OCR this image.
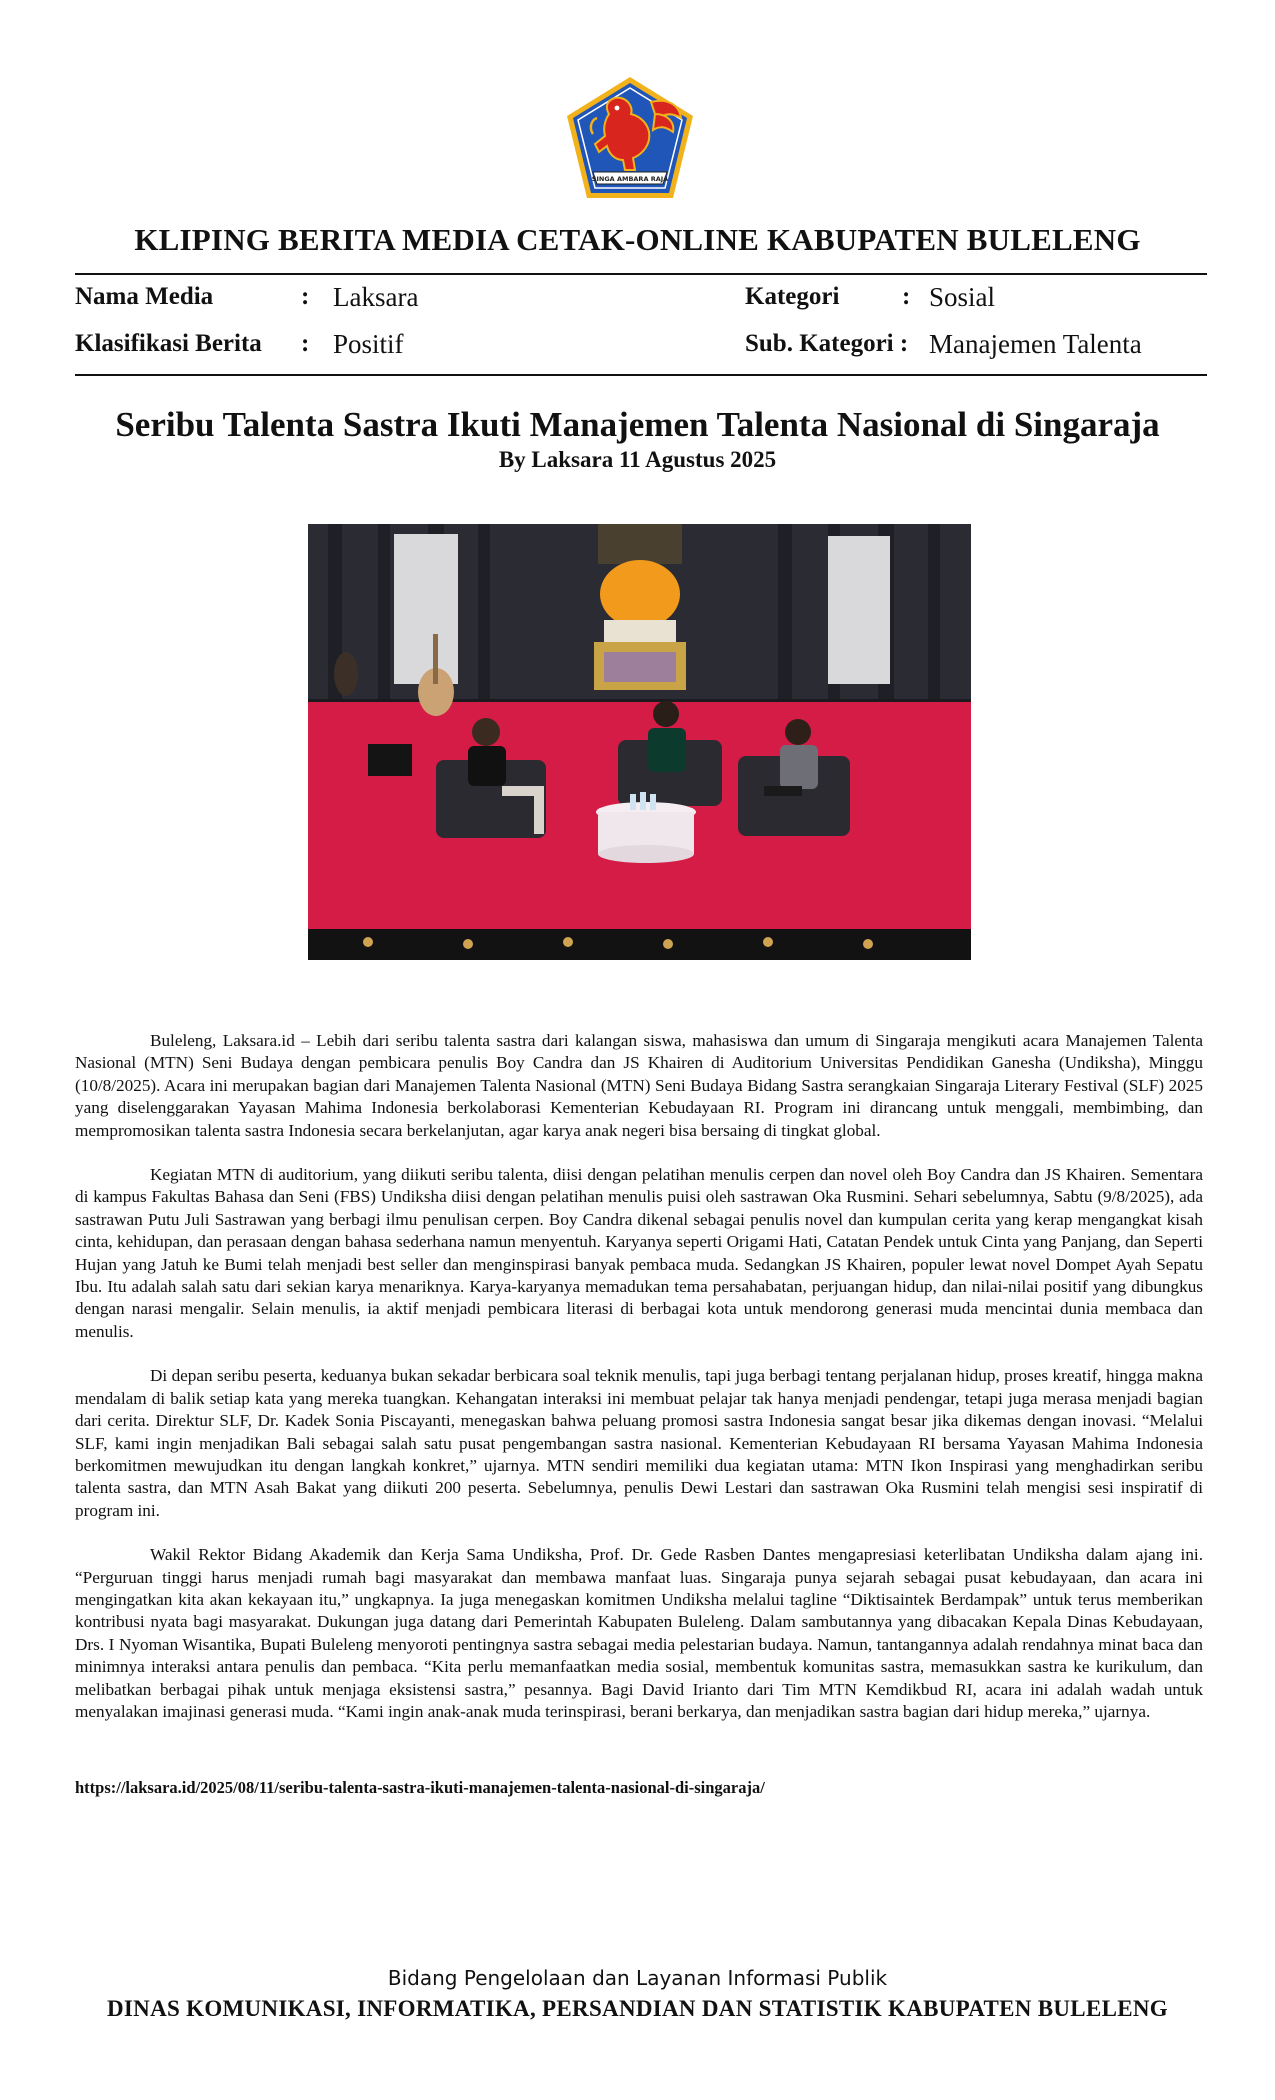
SINGA AMBARA RAJA
KLIPING BERITA MEDIA CETAK-ONLINE KABUPATEN BULELENG
Nama Media	: Laksara
Klasifikasi Berita : Positif
Kategori	: Sosial
Sub. Kategori : Manajemen Talenta
Seribu Talenta Sastra Ikuti Manajemen Talenta Nasional di Singaraja
By Laksara 11 Agustus 2025

Buleleng, Laksara.id – Lebih dari seribu talenta sastra dari kalangan siswa, mahasiswa dan umum di Singaraja mengikuti acara Manajemen Talenta Nasional (MTN) Seni Budaya dengan pembicara penulis Boy Candra dan JS Khairen di Auditorium Universitas Pendidikan Ganesha (Undiksha), Minggu (10/8/2025). Acara ini merupakan bagian dari Manajemen Talenta Nasional (MTN) Seni Budaya Bidang Sastra serangkaian Singaraja Literary Festival (SLF) 2025 yang diselenggarakan Yayasan Mahima Indonesia berkolaborasi Kementerian Kebudayaan RI. Program ini dirancang untuk menggali, membimbing, dan mempromosikan talenta sastra Indonesia secara berkelanjutan, agar karya anak negeri bisa bersaing di tingkat global.

Kegiatan MTN di auditorium, yang diikuti seribu talenta, diisi dengan pelatihan menulis cerpen dan novel oleh Boy Candra dan JS Khairen. Sementara di kampus Fakultas Bahasa dan Seni (FBS) Undiksha diisi dengan pelatihan menulis puisi oleh sastrawan Oka Rusmini. Sehari sebelumnya, Sabtu (9/8/2025), ada sastrawan Putu Juli Sastrawan yang berbagi ilmu penulisan cerpen. Boy Candra dikenal sebagai penulis novel dan kumpulan cerita yang kerap mengangkat kisah cinta, kehidupan, dan perasaan dengan bahasa sederhana namun menyentuh. Karyanya seperti Origami Hati, Catatan Pendek untuk Cinta yang Panjang, dan Seperti Hujan yang Jatuh ke Bumi telah menjadi best seller dan menginspirasi banyak pembaca muda. Sedangkan JS Khairen, populer lewat novel Dompet Ayah Sepatu Ibu. Itu adalah salah satu dari sekian karya menariknya. Karya-karyanya memadukan tema persahabatan, perjuangan hidup, dan nilai-nilai positif yang dibungkus dengan narasi mengalir. Selain menulis, ia aktif menjadi pembicara literasi di berbagai kota untuk mendorong generasi muda mencintai dunia membaca dan menulis.

Di depan seribu peserta, keduanya bukan sekadar berbicara soal teknik menulis, tapi juga berbagi tentang perjalanan hidup, proses kreatif, hingga makna mendalam di balik setiap kata yang mereka tuangkan. Kehangatan interaksi ini membuat pelajar tak hanya menjadi pendengar, tetapi juga merasa menjadi bagian dari cerita. Direktur SLF, Dr. Kadek Sonia Piscayanti, menegaskan bahwa peluang promosi sastra Indonesia sangat besar jika dikemas dengan inovasi. “Melalui SLF, kami ingin menjadikan Bali sebagai salah satu pusat pengembangan sastra nasional. Kementerian Kebudayaan RI bersama Yayasan Mahima Indonesia berkomitmen mewujudkan itu dengan langkah konkret,” ujarnya. MTN sendiri memiliki dua kegiatan utama: MTN Ikon Inspirasi yang menghadirkan seribu talenta sastra, dan MTN Asah Bakat yang diikuti 200 peserta. Sebelumnya, penulis Dewi Lestari dan sastrawan Oka Rusmini telah mengisi sesi inspiratif di program ini.

Wakil Rektor Bidang Akademik dan Kerja Sama Undiksha, Prof. Dr. Gede Rasben Dantes mengapresiasi keterlibatan Undiksha dalam ajang ini. “Perguruan tinggi harus menjadi rumah bagi masyarakat dan membawa manfaat luas. Singaraja punya sejarah sebagai pusat kebudayaan, dan acara ini mengingatkan kita akan kekayaan itu,” ungkapnya. Ia juga menegaskan komitmen Undiksha melalui tagline “Diktisaintek Berdampak” untuk terus memberikan kontribusi nyata bagi masyarakat. Dukungan juga datang dari Pemerintah Kabupaten Buleleng. Dalam sambutannya yang dibacakan Kepala Dinas Kebudayaan, Drs. I Nyoman Wisantika, Bupati Buleleng menyoroti pentingnya sastra sebagai media pelestarian budaya. Namun, tantangannya adalah rendahnya minat baca dan minimnya interaksi antara penulis dan pembaca. “Kita perlu memanfaatkan media sosial, membentuk komunitas sastra, memasukkan sastra ke kurikulum, dan melibatkan berbagai pihak untuk menjaga eksistensi sastra,” pesannya. Bagi David Irianto dari Tim MTN Kemdikbud RI, acara ini adalah wadah untuk menyalakan imajinasi generasi muda. “Kami ingin anak-anak muda terinspirasi, berani berkarya, dan menjadikan sastra bagian dari hidup mereka,” ujarnya.

https://laksara.id/2025/08/11/seribu-talenta-sastra-ikuti-manajemen-talenta-nasional-di-singaraja/
Bidang Pengelolaan dan Layanan Informasi Publik
DINAS KOMUNIKASI, INFORMATIKA, PERSANDIAN DAN STATISTIK KABUPATEN BULELENG
